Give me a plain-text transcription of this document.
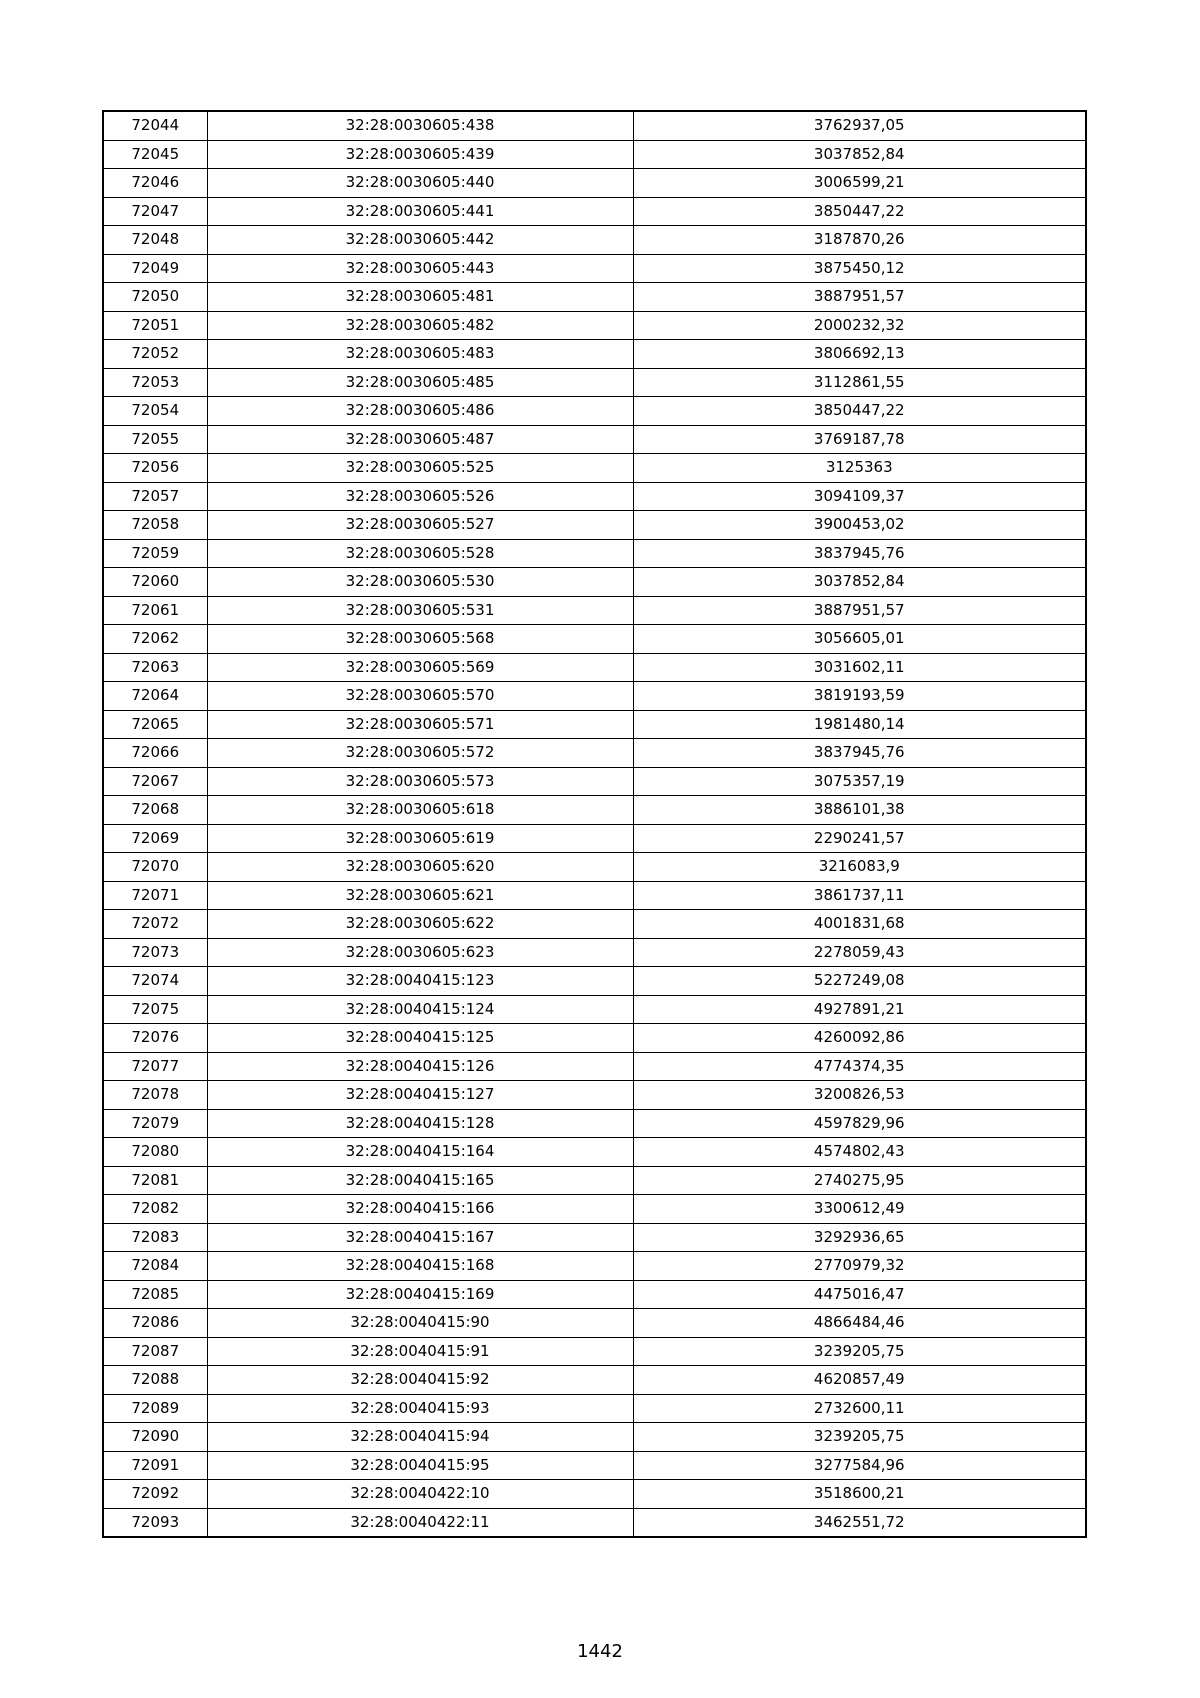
72044	32:28:0030605:438	3762937,05
72045	32:28:0030605:439	3037852,84
72046	32:28:0030605:440	3006599,21
72047	32:28:0030605:441	3850447,22
72048	32:28:0030605:442	3187870,26
72049	32:28:0030605:443	3875450,12
72050	32:28:0030605:481	3887951,57
72051	32:28:0030605:482	2000232,32
72052	32:28:0030605:483	3806692,13
72053	32:28:0030605:485	3112861,55
72054	32:28:0030605:486	3850447,22
72055	32:28:0030605:487	3769187,78
72056	32:28:0030605:525	3125363
72057	32:28:0030605:526	3094109,37
72058	32:28:0030605:527	3900453,02
72059	32:28:0030605:528	3837945,76
72060	32:28:0030605:530	3037852,84
72061	32:28:0030605:531	3887951,57
72062	32:28:0030605:568	3056605,01
72063	32:28:0030605:569	3031602,11
72064	32:28:0030605:570	3819193,59
72065	32:28:0030605:571	1981480,14
72066	32:28:0030605:572	3837945,76
72067	32:28:0030605:573	3075357,19
72068	32:28:0030605:618	3886101,38
72069	32:28:0030605:619	2290241,57
72070	32:28:0030605:620	3216083,9
72071	32:28:0030605:621	3861737,11
72072	32:28:0030605:622	4001831,68
72073	32:28:0030605:623	2278059,43
72074	32:28:0040415:123	5227249,08
72075	32:28:0040415:124	4927891,21
72076	32:28:0040415:125	4260092,86
72077	32:28:0040415:126	4774374,35
72078	32:28:0040415:127	3200826,53
72079	32:28:0040415:128	4597829,96
72080	32:28:0040415:164	4574802,43
72081	32:28:0040415:165	2740275,95
72082	32:28:0040415:166	3300612,49
72083	32:28:0040415:167	3292936,65
72084	32:28:0040415:168	2770979,32
72085	32:28:0040415:169	4475016,47
72086	32:28:0040415:90	4866484,46
72087	32:28:0040415:91	3239205,75
72088	32:28:0040415:92	4620857,49
72089	32:28:0040415:93	2732600,11
72090	32:28:0040415:94	3239205,75
72091	32:28:0040415:95	3277584,96
72092	32:28:0040422:10	3518600,21
72093	32:28:0040422:11	3462551,72
1442
